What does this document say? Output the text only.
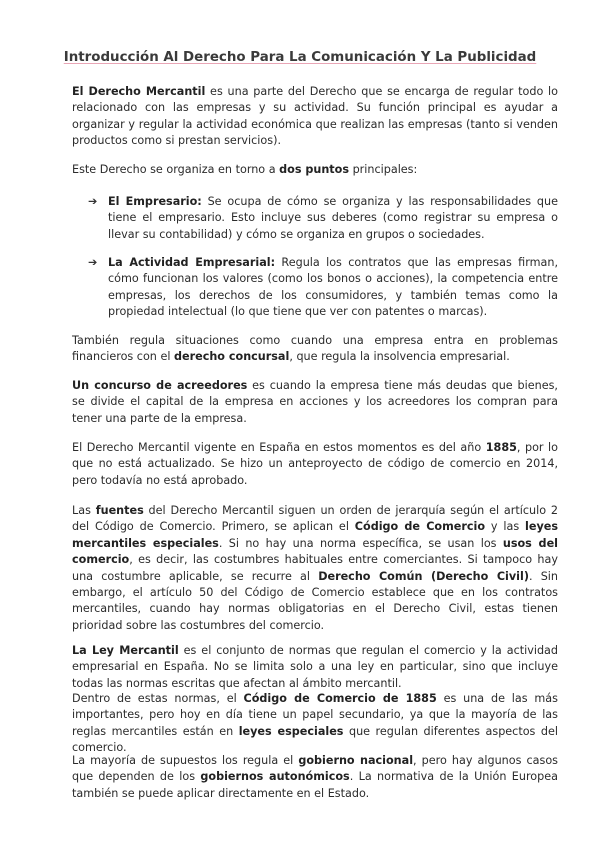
Introducción Al Derecho Para La Comunicación Y La Publicidad

El Derecho Mercantil es una parte del Derecho que se encarga de regular todo lo relacionado con las empresas y su actividad. Su función principal es ayudar a organizar y regular la actividad económica que realizan las empresas (tanto si venden productos como si prestan servicios).

Este Derecho se organiza en torno a dos puntos principales:

➔ El Empresario: Se ocupa de cómo se organiza y las responsabilidades que tiene el empresario. Esto incluye sus deberes (como registrar su empresa o llevar su contabilidad) y cómo se organiza en grupos o sociedades.
➔ La Actividad Empresarial: Regula los contratos que las empresas firman, cómo funcionan los valores (como los bonos o acciones), la competencia entre empresas, los derechos de los consumidores, y también temas como la propiedad intelectual (lo que tiene que ver con patentes o marcas).

También regula situaciones como cuando una empresa entra en problemas financieros con el derecho concursal, que regula la insolvencia empresarial.

Un concurso de acreedores es cuando la empresa tiene más deudas que bienes, se divide el capital de la empresa en acciones y los acreedores los compran para tener una parte de la empresa.

El Derecho Mercantil vigente en España en estos momentos es del año 1885, por lo que no está actualizado. Se hizo un anteproyecto de código de comercio en 2014, pero todavía no está aprobado.

Las fuentes del Derecho Mercantil siguen un orden de jerarquía según el artículo 2 del Código de Comercio. Primero, se aplican el Código de Comercio y las leyes mercantiles especiales. Si no hay una norma específica, se usan los usos del comercio, es decir, las costumbres habituales entre comerciantes. Si tampoco hay una costumbre aplicable, se recurre al Derecho Común (Derecho Civil). Sin embargo, el artículo 50 del Código de Comercio establece que en los contratos mercantiles, cuando hay normas obligatorias en el Derecho Civil, estas tienen prioridad sobre las costumbres del comercio.

La Ley Mercantil es el conjunto de normas que regulan el comercio y la actividad empresarial en España. No se limita solo a una ley en particular, sino que incluye todas las normas escritas que afectan al ámbito mercantil.

Dentro de estas normas, el Código de Comercio de 1885 es una de las más importantes, pero hoy en día tiene un papel secundario, ya que la mayoría de las reglas mercantiles están en leyes especiales que regulan diferentes aspectos del comercio.

La mayoría de supuestos los regula el gobierno nacional, pero hay algunos casos que dependen de los gobiernos autonómicos. La normativa de la Unión Europea también se puede aplicar directamente en el Estado.
